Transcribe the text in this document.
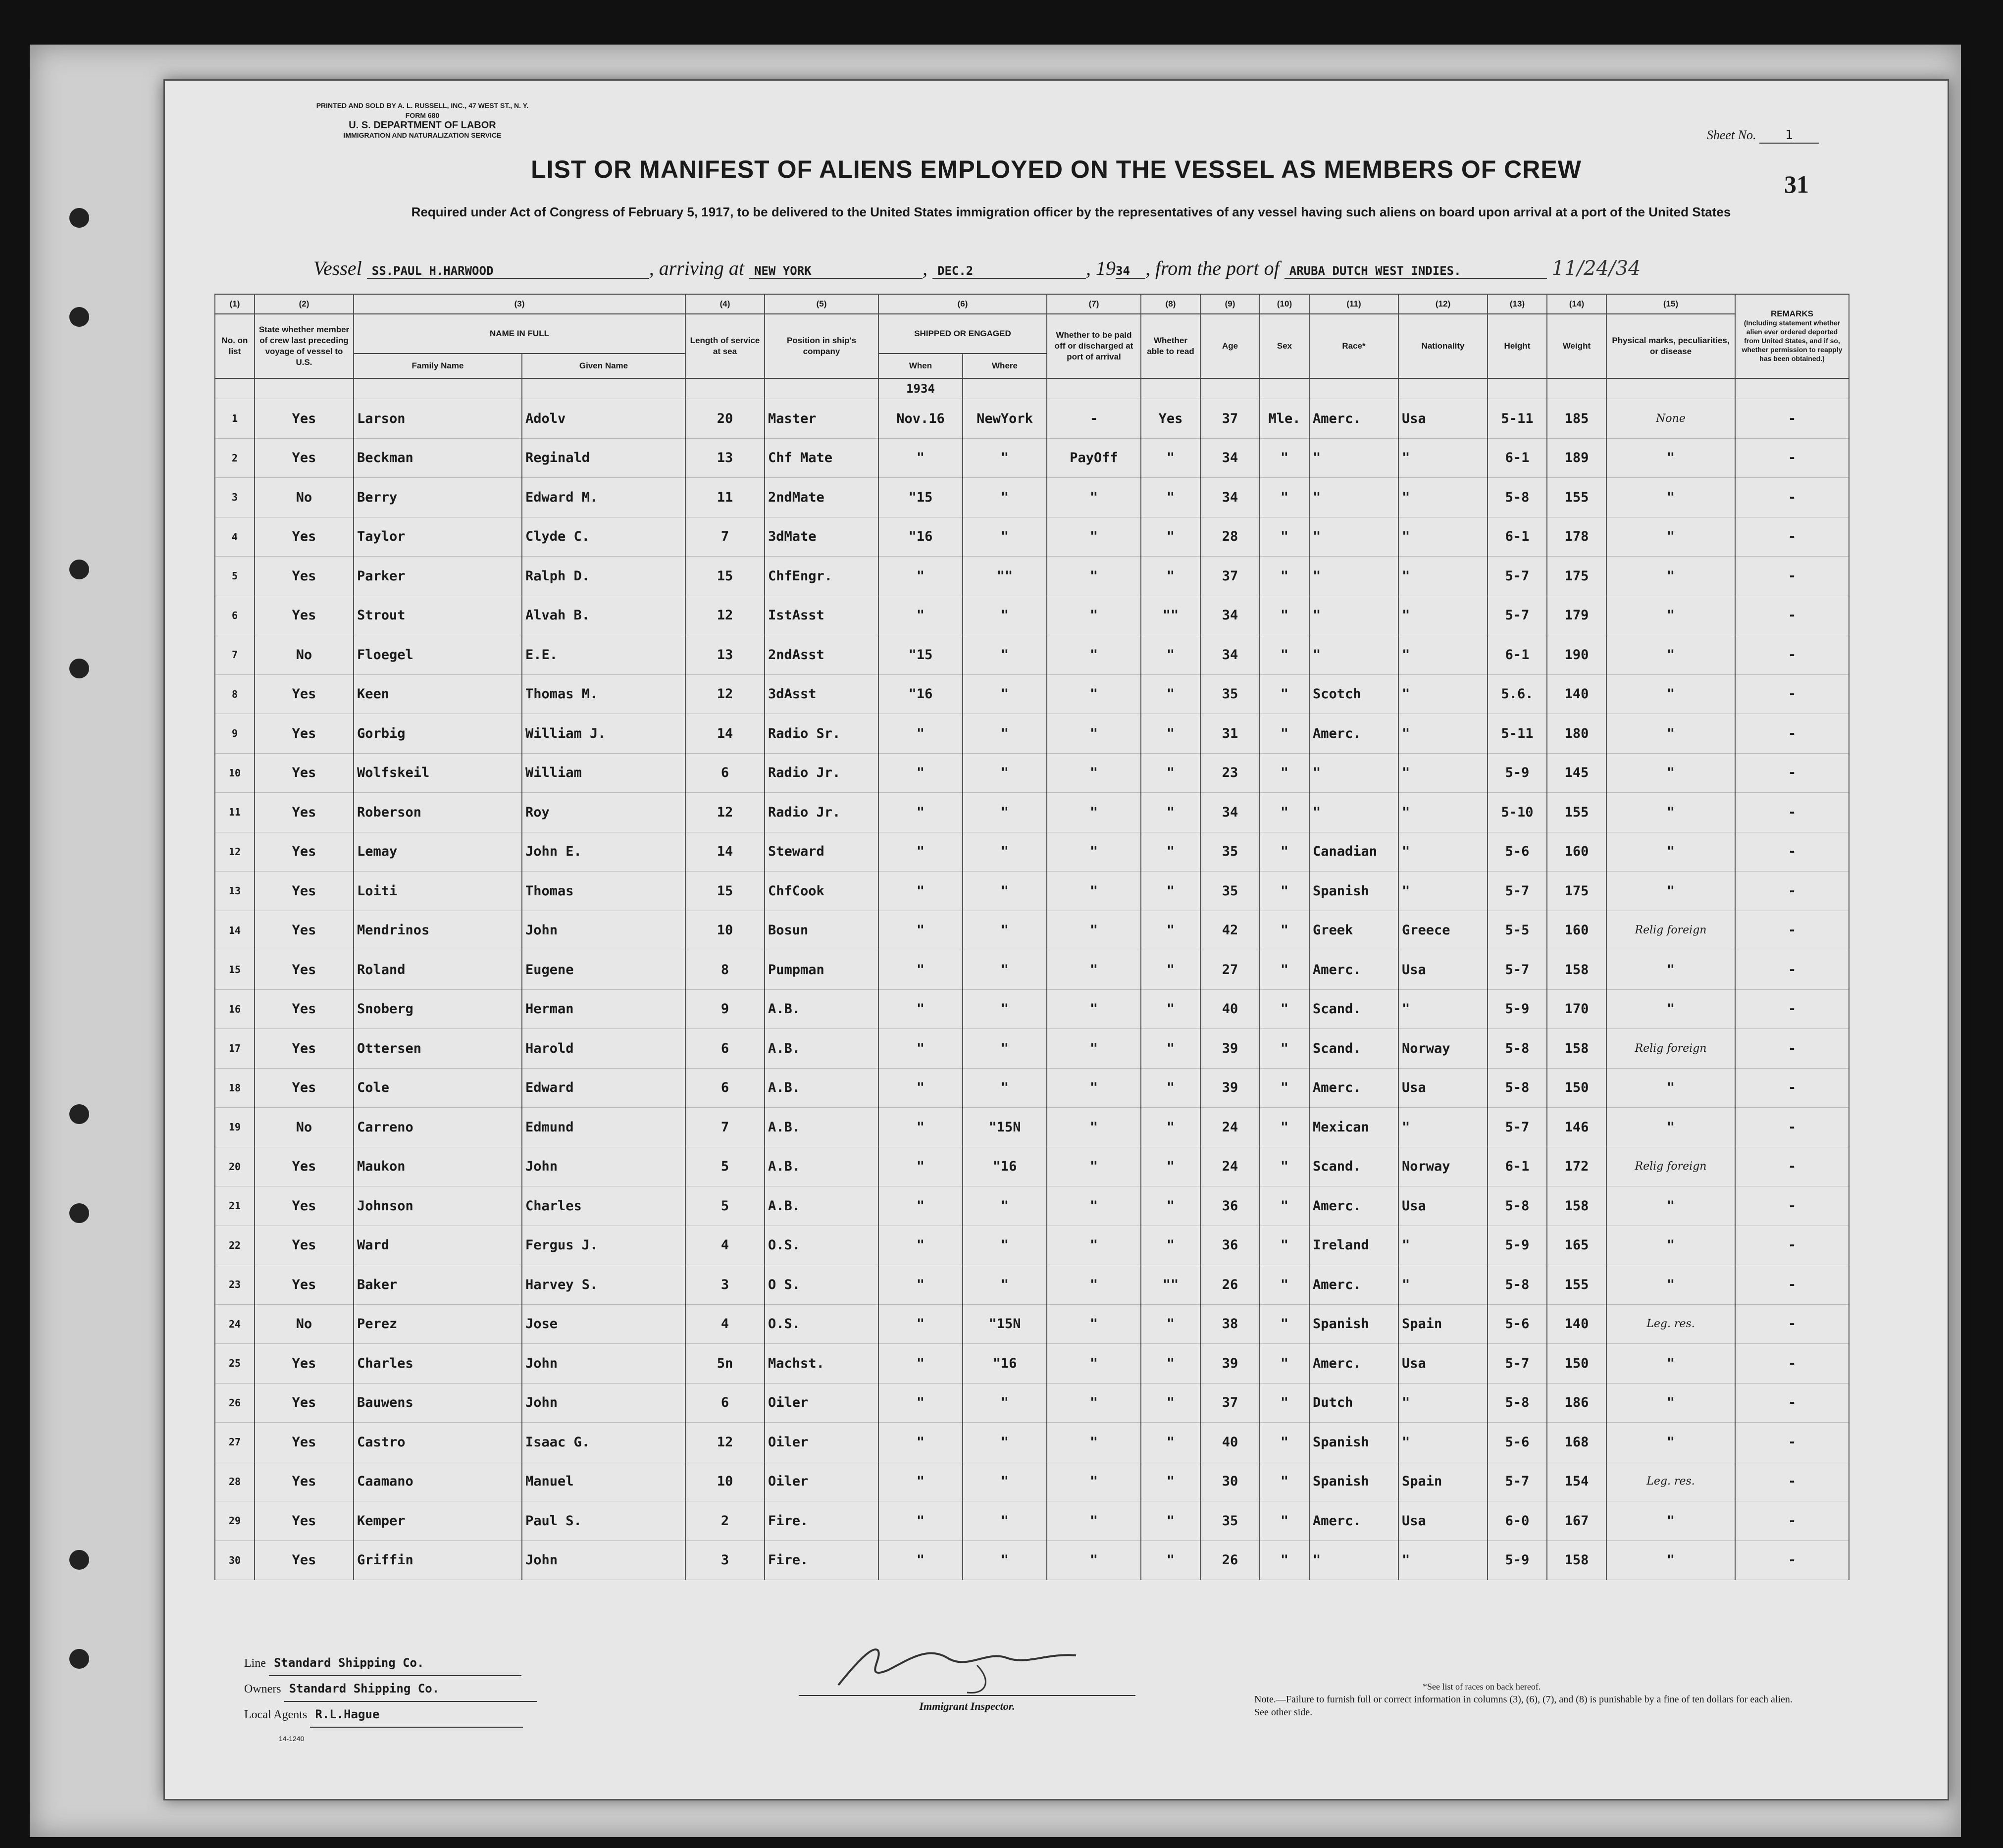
PRINTED AND SOLD BY A. L. RUSSELL, INC., 47 WEST ST., N. Y.
FORM 680
U. S. DEPARTMENT OF LABOR
IMMIGRATION AND NATURALIZATION SERVICE	Sheet No. 1
31
LIST OR MANIFEST OF ALIENS EMPLOYED ON THE VESSEL AS MEMBERS OF CREW
Required under Act of Congress of February 5, 1917, to be delivered to the United States immigration officer by the representatives of any vessel having such aliens on board upon arrival at a port of the United States
Vessel SS.PAUL H.HARWOOD	, arriving at NEW YORK	, DEC.2	, 1934 , from the port of ARUBA DUTCH WEST INDIES.	11/24/34
(1)	(2)	(3)		(4)	(5)	(6)		(7)	(8)	(9)	(10)	(11)	(12)	(13)	(14)	(15)	REMARKS
(Including statement whether alien ever ordered deported from United States, and if so, whether permission to reapply has been obtained.)

No. on list	State whether member of crew last preceding voyage of vessel to U.S.	NAME IN FULL		Length of service at sea	Position in ship's company	SHIPPED OR ENGAGED		Whether to be paid off or discharged at port of arrival	Whether able to read	Age	Sex	Race*	Nationality	Height	Weight	Physical marks, peculiarities, or disease	
		Family Name	Given Name			When	Where										
						1934											
1	Yes	Larson	Adolv	20	Master	Nov.16	NewYork	-	Yes	37	Mle.	Amerc.	Usa	5-11	185	None	-
2	Yes	Beckman	Reginald	13	Chf Mate	"	"	PayOff	"	34	"	"	"	6-1	189	"	-
3	No	Berry	Edward M.	11	2ndMate	"15	"	"	"	34	"	"	"	5-8	155	"	-
4	Yes	Taylor	Clyde C.	7	3dMate	"16	"	"	"	28	"	"	"	6-1	178	"	-
5	Yes	Parker	Ralph D.	15	ChfEngr.	"	""	"	"	37	"	"	"	5-7	175	"	-
6	Yes	Strout	Alvah B.	12	IstAsst	"	"	"	""	34	"	"	"	5-7	179	"	-
7	No	Floegel	E.E.	13	2ndAsst	"15	"	"	"	34	"	"	"	6-1	190	"	-
8	Yes	Keen	Thomas M.	12	3dAsst	"16	"	"	"	35	"	Scotch	"	5.6.	140	"	-
9	Yes	Gorbig	William J.	14	Radio Sr.	"	"	"	"	31	"	Amerc.	"	5-11	180	"	-
10	Yes	Wolfskeil	William	6	Radio Jr.	"	"	"	"	23	"	"	"	5-9	145	"	-
11	Yes	Roberson	Roy	12	Radio Jr.	"	"	"	"	34	"	"	"	5-10	155	"	-
12	Yes	Lemay	John E.	14	Steward	"	"	"	"	35	"	Canadian	"	5-6	160	"	-
13	Yes	Loiti	Thomas	15	ChfCook	"	"	"	"	35	"	Spanish	"	5-7	175	"	-
14	Yes	Mendrinos	John	10	Bosun	"	"	"	"	42	"	Greek	Greece	5-5	160	Relig foreign	-
15	Yes	Roland	Eugene	8	Pumpman	"	"	"	"	27	"	Amerc.	Usa	5-7	158	"	-
16	Yes	Snoberg	Herman	9	A.B.	"	"	"	"	40	"	Scand.	"	5-9	170	"	-
17	Yes	Ottersen	Harold	6	A.B.	"	"	"	"	39	"	Scand.	Norway	5-8	158	Relig foreign	-
18	Yes	Cole	Edward	6	A.B.	"	"	"	"	39	"	Amerc.	Usa	5-8	150	"	-
19	No	Carreno	Edmund	7	A.B.	"	"15N	"	"	24	"	Mexican	"	5-7	146	"	-
20	Yes	Maukon	John	5	A.B.	"	"16	"	"	24	"	Scand.	Norway	6-1	172	Relig foreign	-
21	Yes	Johnson	Charles	5	A.B.	"	"	"	"	36	"	Amerc.	Usa	5-8	158	"	-
22	Yes	Ward	Fergus J.	4	O.S.	"	"	"	"	36	"	Ireland	"	5-9	165	"	-
23	Yes	Baker	Harvey S.	3	O S.	"	"	"	""	26	"	Amerc.	"	5-8	155	"	-
24	No	Perez	Jose	4	O.S.	"	"15N	"	"	38	"	Spanish	Spain	5-6	140	Leg. res.	-
25	Yes	Charles	John	5n	Machst.	"	"16	"	"	39	"	Amerc.	Usa	5-7	150	"	-
26	Yes	Bauwens	John	6	Oiler	"	"	"	"	37	"	Dutch	"	5-8	186	"	-
27	Yes	Castro	Isaac G.	12	Oiler	"	"	"	"	40	"	Spanish	"	5-6	168	"	-
28	Yes	Caamano	Manuel	10	Oiler	"	"	"	"	30	"	Spanish	Spain	5-7	154	Leg. res.	-
29	Yes	Kemper	Paul S.	2	Fire.	"	"	"	"	35	"	Amerc.	Usa	6-0	167	"	-
30	Yes	Griffin	John	3	Fire.	"	"	"	"	26	"	"	"	5-9	158	"	-
Immigrant Inspector.
Line Standard Shipping Co.
Owners Standard Shipping Co.
Local Agents R.L.Hague
14-1240
*See list of races on back hereof.
Note.—Failure to furnish full or correct information in columns (3), (6), (7), and (8) is punishable by a fine of ten dollars for each alien. See other side.
